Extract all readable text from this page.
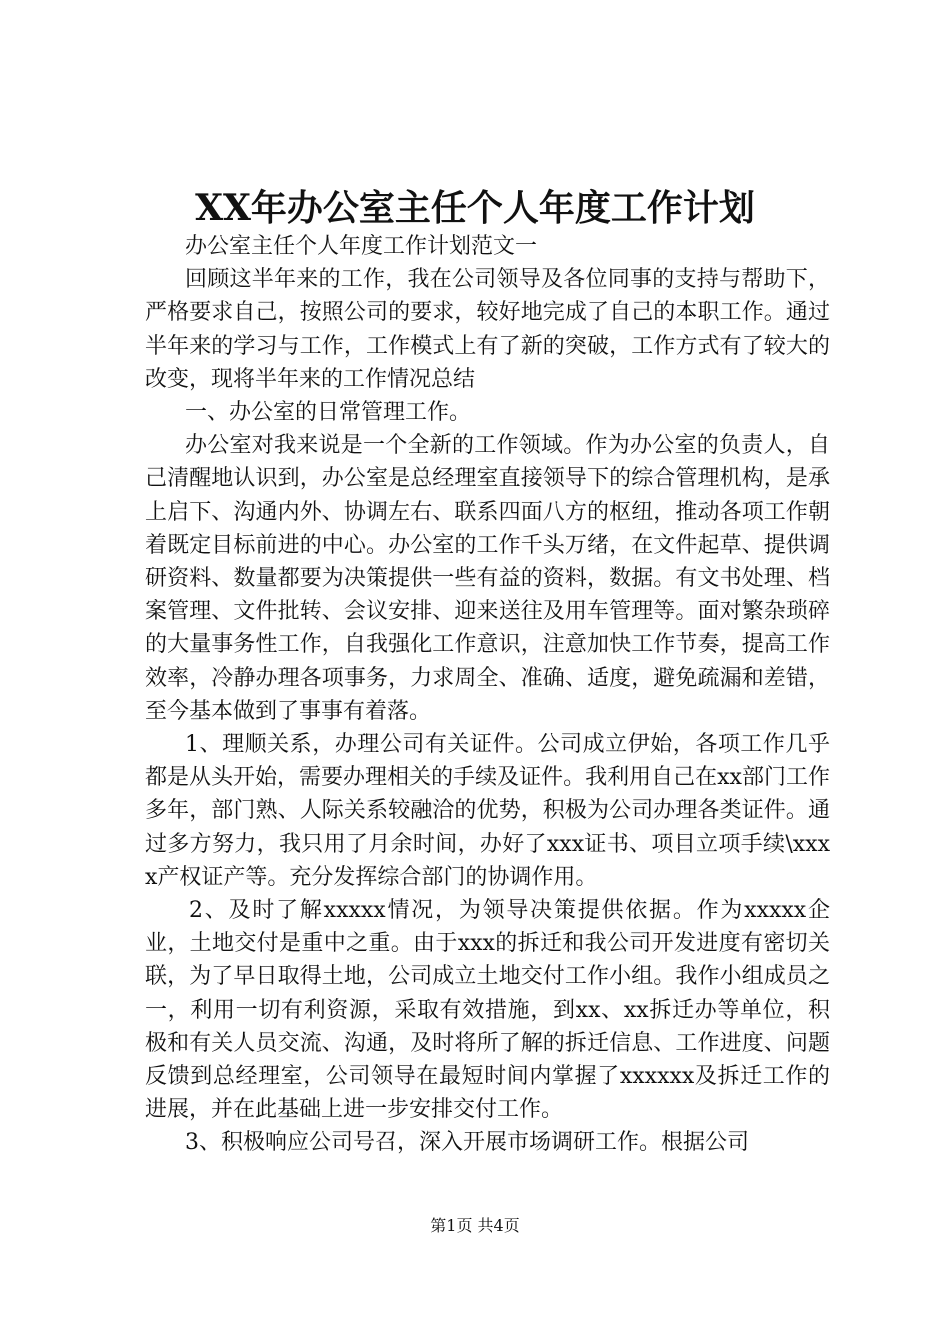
XX年办公室主任个人年度工作计划

办公室主任个人年度工作计划范文一

回顾这半年来的工作，我在公司领导及各位同事的支持与帮助下，严格要求自己，按照公司的要求，较好地完成了自己的本职工作。通过半年来的学习与工作，工作模式上有了新的突破，工作方式有了较大的改变，现将半年来的工作情况总结

一、办公室的日常管理工作。

办公室对我来说是一个全新的工作领域。作为办公室的负责人，自己清醒地认识到，办公室是总经理室直接领导下的综合管理机构，是承上启下、沟通内外、协调左右、联系四面八方的枢纽，推动各项工作朝着既定目标前进的中心。办公室的工作千头万绪，在文件起草、提供调研资料、数量都要为决策提供一些有益的资料，数据。有文书处理、档案管理、文件批转、会议安排、迎来送往及用车管理等。面对繁杂琐碎的大量事务性工作，自我强化工作意识，注意加快工作节奏，提高工作效率，冷静办理各项事务，力求周全、准确、适度，避免疏漏和差错，至今基本做到了事事有着落。

1、理顺关系，办理公司有关证件。公司成立伊始，各项工作几乎都是从头开始，需要办理相关的手续及证件。我利用自己在xx部门工作多年，部门熟、人际关系较融洽的优势，积极为公司办理各类证件。通过多方努力，我只用了月余时间，办好了xxx证书、项目立项手续\xxxx产权证产等。充分发挥综合部门的协调作用。

2、及时了解xxxxx情况，为领导决策提供依据。作为xxxxx企业，土地交付是重中之重。由于xxx的拆迁和我公司开发进度有密切关联，为了早日取得土地，公司成立土地交付工作小组。我作小组成员之一，利用一切有利资源，采取有效措施，到xx、xx拆迁办等单位，积极和有关人员交流、沟通，及时将所了解的拆迁信息、工作进度、问题反馈到总经理室，公司领导在最短时间内掌握了xxxxxx及拆迁工作的进展，并在此基础上进一步安排交付工作。

3、积极响应公司号召，深入开展市场调研工作。根据公司

第1页 共4页
